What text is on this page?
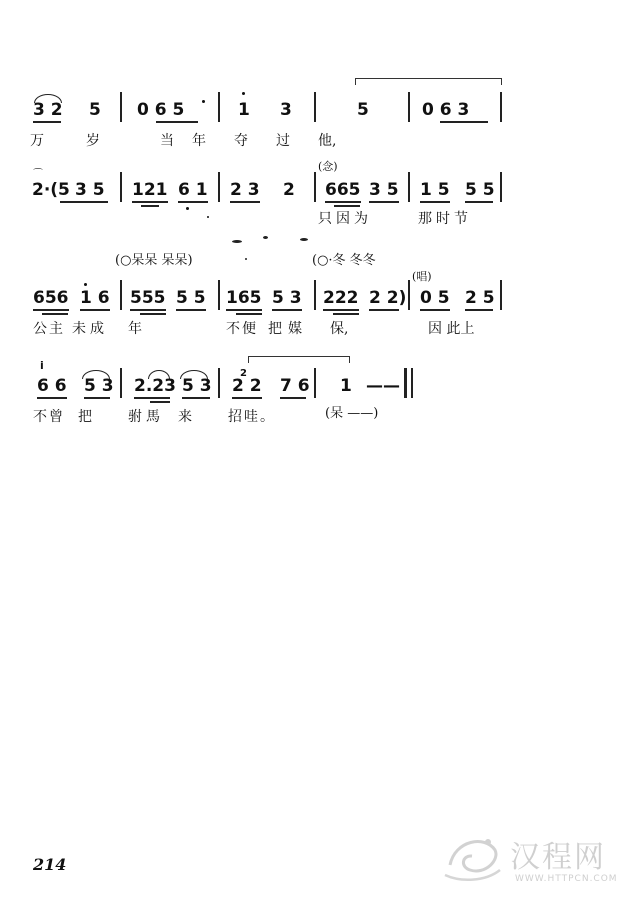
3 2 5 0 6 5	1 3	5	0 6 3
万	岁	当 年 夺 过 他,
⌒
(念)
2·(5 3 5 121 6 1 2 3 2 665 3 5 1 5 5 5
只因为	那时节
(○呆呆 呆呆)	(○·冬 冬冬
(唱)
656 1 6 555 5 5 165 5 3 222 2 2) 0 5 2 5
公主 未成 年	不便 把媒 保,	因 此上
i
6 6 5 3 2.23 5 3
2
2 2 7 6 1 ——
不曾 把	驸馬 来	招哇。	(呆 ——)
214	汉程网
WWW.HTTPCN.COM
